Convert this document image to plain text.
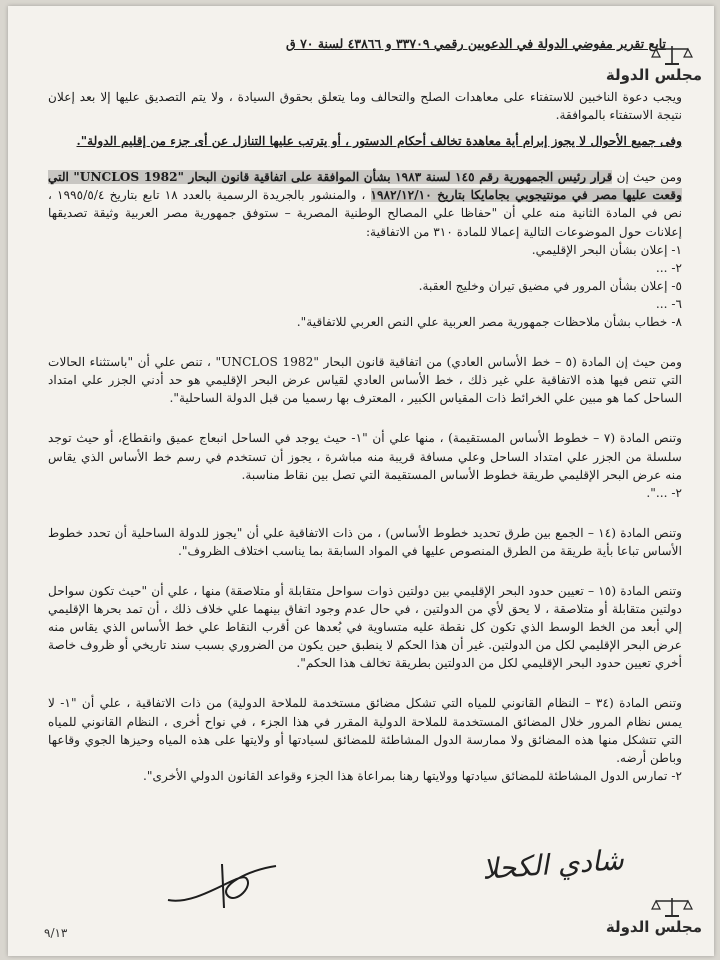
تابع تقرير مفوضي الدولة في الدعويين رقمي ٣٣٧٠٩ و ٤٣٨٦٦ لسنة ٧٠ ق
مجلس الدولة

ويجب دعوة الناخبين للاستفتاء على معاهدات الصلح والتحالف وما يتعلق بحقوق السيادة ، ولا يتم التصديق عليها إلا بعد إعلان نتيجة الاستفتاء بالموافقة.

وفى جميع الأحوال لا يجوز إبرام أية معاهدة تخالف أحكام الدستور ، أو يترتب عليها التنازل عن أى جزء من إقليم الدولة".

ومن حيث إن قرار رئيس الجمهورية رقم ١٤٥ لسنة ١٩٨٣ بشأن الموافقة على اتفاقية قانون البحار "UNCLOS 1982" التي وقعت عليها مصر في مونتيجوبي بجامايكا بتاريخ ١٩٨٢/١٢/١٠ ، والمنشور بالجريدة الرسمية بالعدد ١٨ تابع بتاريخ ١٩٩٥/٥/٤ ، نص في المادة الثانية منه علي أن "حفاظا علي المصالح الوطنية المصرية – ستوفق جمهورية مصر العربية وثيقة تصديقها إعلانات حول الموضوعات التالية إعمالا للمادة ٣١٠ من الاتفاقية:

١- إعلان بشأن البحر الإقليمي.

٢- ...

٥- إعلان بشأن المرور في مضيق تيران وخليج العقبة.

٦- ...

٨- خطاب بشأن ملاحظات جمهورية مصر العربية علي النص العربي للاتفاقية".

ومن حيث إن المادة (٥ – خط الأساس العادي) من اتفاقية قانون البحار "UNCLOS 1982" ، تنص علي أن "باستثناء الحالات التي تنص فيها هذه الاتفاقية علي غير ذلك ، خط الأساس العادي لقياس عرض البحر الإقليمي هو حد أدني الجزر علي امتداد الساحل كما هو مبين علي الخرائط ذات المقياس الكبير ، المعترف بها رسميا من قبل الدولة الساحلية".

وتنص المادة (٧ – خطوط الأساس المستقيمة) ، منها علي أن "١- حيث يوجد في الساحل انبعاج عميق وانقطاع، أو حيث توجد سلسلة من الجزر علي امتداد الساحل وعلي مسافة قريبة منه مباشرة ، يجوز أن تستخدم في رسم خط الأساس الذي يقاس منه عرض البحر الإقليمي طريقة خطوط الأساس المستقيمة التي تصل بين نقاط مناسبة.

٢- ...".

وتنص المادة (١٤ – الجمع بين طرق تحديد خطوط الأساس) ، من ذات الاتفاقية علي أن "يجوز للدولة الساحلية أن تحدد خطوط الأساس تباعا بأية طريقة من الطرق المنصوص عليها في المواد السابقة بما يناسب اختلاف الظروف".

وتنص المادة (١٥ – تعيين حدود البحر الإقليمي بين دولتين ذوات سواحل متقابلة أو متلاصقة) منها ، علي أن "حيث تكون سواحل دولتين متقابلة أو متلاصقة ، لا يحق لأي من الدولتين ، في حال عدم وجود اتفاق بينهما علي خلاف ذلك ، أن تمد بحرها الإقليمي إلي أبعد من الخط الوسط الذي تكون كل نقطة عليه متساوية في بُعدها عن أقرب النقاط علي خط الأساس الذي يقاس منه عرض البحر الإقليمي لكل من الدولتين. غير أن هذا الحكم لا ينطبق حين يكون من الضروري بسبب سند تاريخي أو ظروف خاصة أخري تعيين حدود البحر الإقليمي لكل من الدولتين بطريقة تخالف هذا الحكم".

وتنص المادة (٣٤ – النظام القانوني للمياه التي تشكل مضائق مستخدمة للملاحة الدولية) من ذات الاتفاقية ، علي أن "١- لا يمس نظام المرور خلال المضائق المستخدمة للملاحة الدولية المقرر في هذا الجزء ، في نواح أخرى ، النظام القانوني للمياه التي تتشكل منها هذه المضائق ولا ممارسة الدول المشاطئة للمضائق لسيادتها أو ولايتها على هذه المياه وحيزها الجوي وقاعها وباطن أرضه.

٢- تمارس الدول المشاطئة للمضائق سيادتها وولايتها رهنا بمراعاة هذا الجزء وقواعد القانون الدولي الأخرى".

شادي الكحلا
مجلس الدولة
٩/١٣
